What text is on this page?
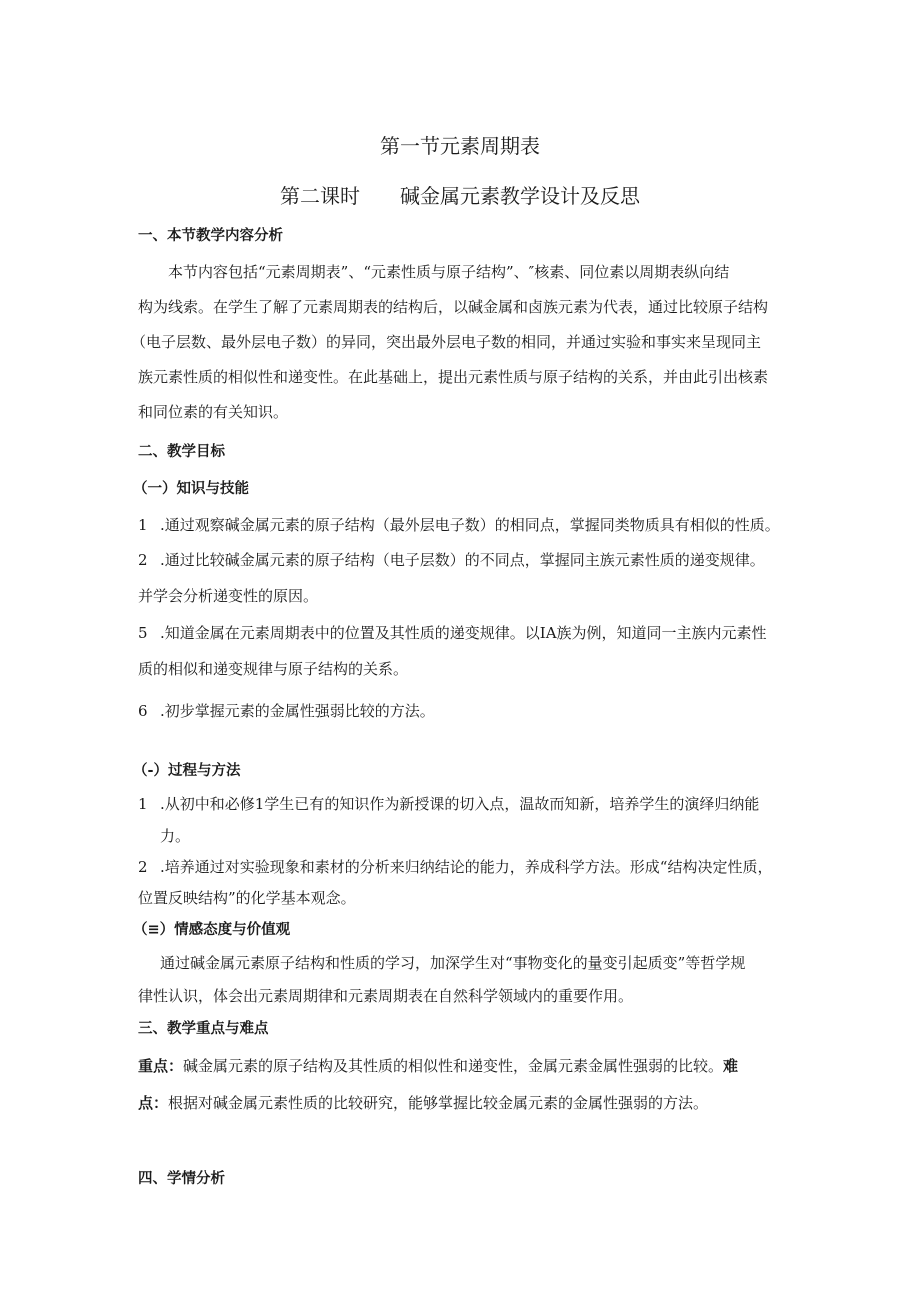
第一节元素周期表
第二课时 碱金属元素教学设计及反思
一、本节教学内容分析
本节内容包括“元素周期表”、“元素性质与原子结构”、″核素、同位素以周期表纵向结
构为线索。在学生了解了元素周期表的结构后，以碱金属和卤族元素为代表，通过比较原子结构
（电子层数、最外层电子数）的异同，突出最外层电子数的相同，并通过实验和事实来呈现同主
族元素性质的相似性和递变性。在此基础上，提出元素性质与原子结构的关系，并由此引出核素
和同位素的有关知识。
二、教学目标
（一）知识与技能
1 .通过观察碱金属元素的原子结构（最外层电子数）的相同点，掌握同类物质具有相似的性质。
2 .通过比较碱金属元素的原子结构（电子层数）的不同点，掌握同主族元素性质的递变规律。
并学会分析递变性的原因。
5 .知道金属在元素周期表中的位置及其性质的递变规律。以IA族为例，知道同一主族内元素性
质的相似和递变规律与原子结构的关系。
6 .初步掌握元素的金属性强弱比较的方法。
（-）过程与方法
1 .从初中和必修1学生已有的知识作为新授课的切入点，温故而知新，培养学生的演绎归纳能
力。
2 .培养通过对实验现象和素材的分析来归纳结论的能力，养成科学方法。形成“结构决定性质，
位置反映结构”的化学基本观念。
（≡）情感态度与价值观
通过碱金属元素原子结构和性质的学习，加深学生对“事物变化的量变引起质变”等哲学规
律性认识，体会出元素周期律和元素周期表在自然科学领域内的重要作用。
三、教学重点与难点
重点：碱金属元素的原子结构及其性质的相似性和递变性，金属元素金属性强弱的比较。难
点：根据对碱金属元素性质的比较研究，能够掌握比较金属元素的金属性强弱的方法。
四、学情分析
